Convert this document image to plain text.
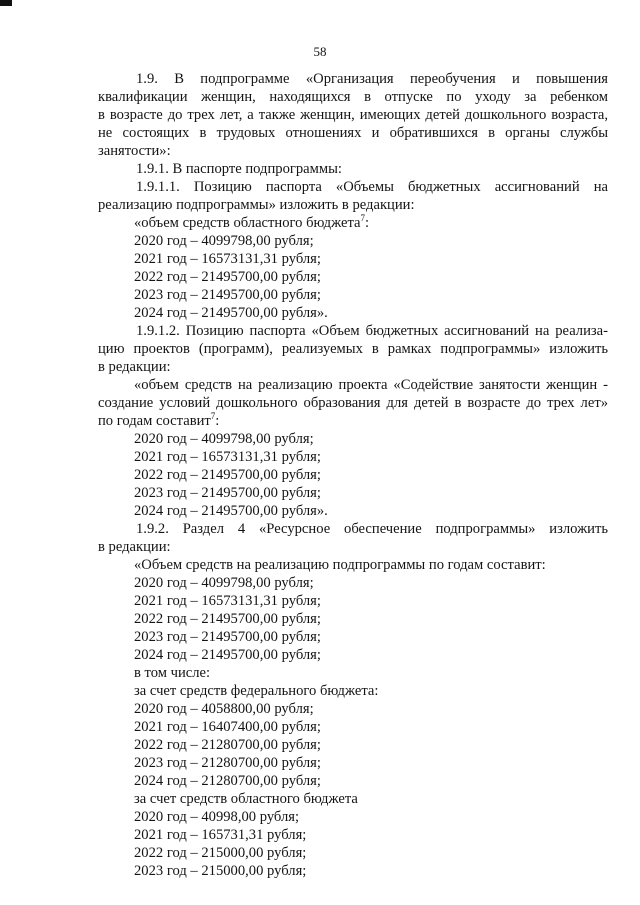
58

1.9. В подпрограмме «Организация переобучения и повышения

квалификации женщин, находящихся в отпуске по уходу за ребенком

в возрасте до трех лет, а также женщин, имеющих детей дошкольного возраста,

не состоящих в трудовых отношениях и обратившихся в органы службы

занятости»:

1.9.1. В паспорте подпрограммы:

1.9.1.1. Позицию паспорта «Объемы бюджетных ассигнований на

реализацию подпрограммы» изложить в редакции:

«объем средств областного бюджета$^7$:

2020 год – 4099798,00 рубля;

2021 год – 16573131,31 рубля;

2022 год – 21495700,00 рубля;

2023 год – 21495700,00 рубля;

2024 год – 21495700,00 рубля».

1.9.1.2. Позицию паспорта «Объем бюджетных ассигнований на реализа-

цию проектов (программ), реализуемых в рамках подпрограммы» изложить

в редакции:

«объем средств на реализацию проекта «Содействие занятости женщин -

создание условий дошкольного образования для детей в возрасте до трех лет»

по годам составит$^7$:

2020 год – 4099798,00 рубля;

2021 год – 16573131,31 рубля;

2022 год – 21495700,00 рубля;

2023 год – 21495700,00 рубля;

2024 год – 21495700,00 рубля».

1.9.2. Раздел 4 «Ресурсное обеспечение подпрограммы» изложить

в редакции:

«Объем средств на реализацию подпрограммы по годам составит:

2020 год – 4099798,00 рубля;

2021 год – 16573131,31 рубля;

2022 год – 21495700,00 рубля;

2023 год – 21495700,00 рубля;

2024 год – 21495700,00 рубля;

в том числе:

за счет средств федерального бюджета:

2020 год – 4058800,00 рубля;

2021 год – 16407400,00 рубля;

2022 год – 21280700,00 рубля;

2023 год – 21280700,00 рубля;

2024 год – 21280700,00 рубля;

за счет средств областного бюджета

2020 год – 40998,00 рубля;

2021 год – 165731,31 рубля;

2022 год – 215000,00 рубля;

2023 год – 215000,00 рубля;
